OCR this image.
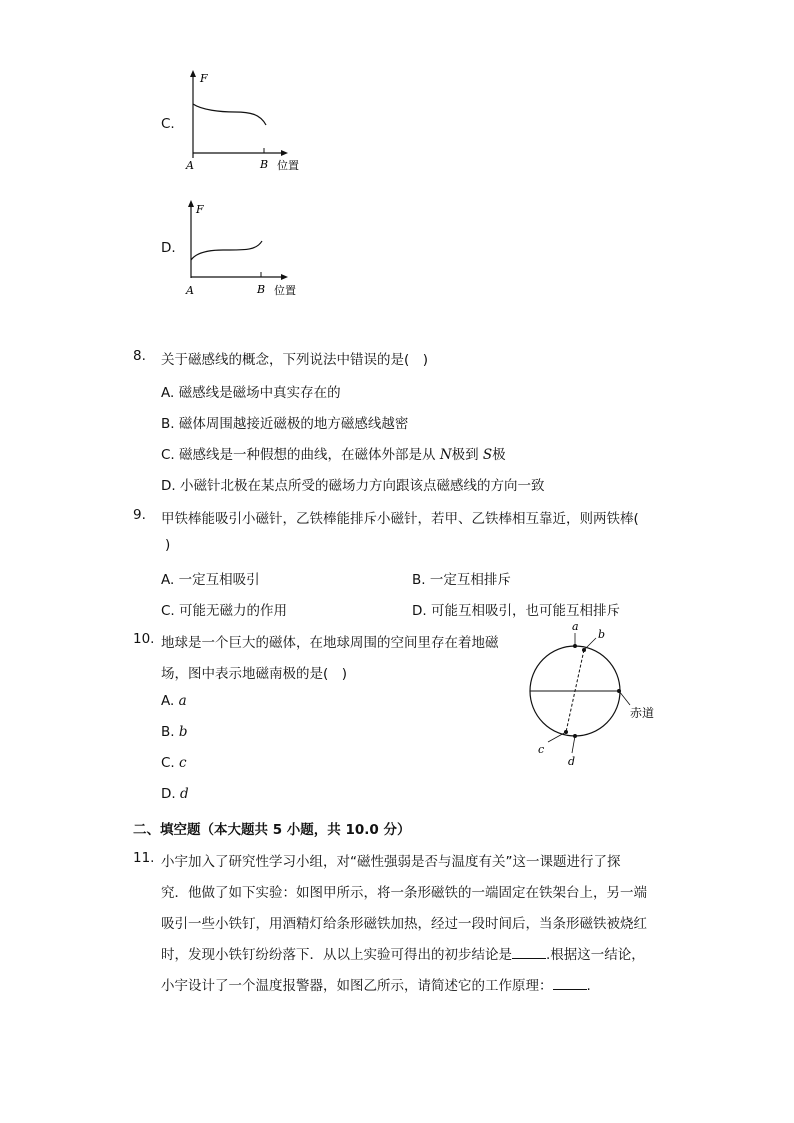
C.
F
A	B 位置
D.
F
A	B 位置
8. 关于磁感线的概念，下列说法中错误的是(　)
A. 磁感线是磁场中真实存在的
B. 磁体周围越接近磁极的地方磁感线越密
C. 磁感线是一种假想的曲线，在磁体外部是从 N极到 S极
D. 小磁针北极在某点所受的磁场力方向跟该点磁感线的方向一致
9. 甲铁棒能吸引小磁针，乙铁棒能排斥小磁针，若甲、乙铁棒相互靠近，则两铁棒(
)
A. 一定互相吸引	B. 一定互相排斥
C. 可能无磁力的作用	D. 可能互相吸引，也可能互相排斥
10. 地球是一个巨大的磁体，在地球周围的空间里存在着地磁
场，图中表示地磁南极的是(　)
A. a
B. b
C. c
D. d
a
b
c
d
赤道
二、填空题（本大题共 5 小题，共 10.0 分）
11. 小宇加入了研究性学习小组，对“磁性强弱是否与温度有关”这一课题进行了探
究．他做了如下实验：如图甲所示，将一条形磁铁的一端固定在铁架台上，另一端
吸引一些小铁钉，用酒精灯给条形磁铁加热，经过一段时间后，当条形磁铁被烧红
时，发现小铁钉纷纷落下．从以上实验可得出的初步结论是	.根据这一结论，
小宇设计了一个温度报警器，如图乙所示，请简述它的工作原理：	.
